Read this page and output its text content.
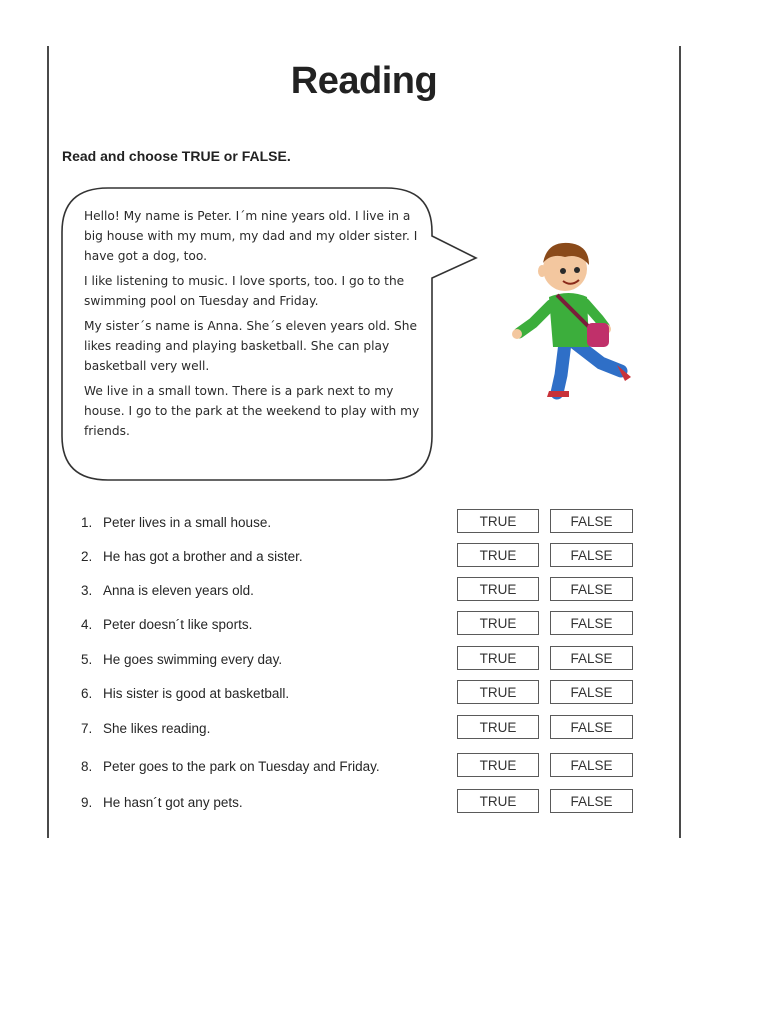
Reading
Read and choose TRUE or FALSE.

Hello! My name is Peter. I´m nine years old. I live in a big house with my mum, my dad and my older sister. I have got a dog, too.

I like listening to music. I love sports, too. I go to the swimming pool on Tuesday and Friday.

My sister´s name is Anna. She´s eleven years old. She likes reading and playing basketball. She can play basketball very well.

We live in a small town. There is a park next to my house. I go to the park at the weekend to play with my friends.

1. Peter lives in a small house.	TRUE	FALSE
2. He has got a brother and a sister.	TRUE	FALSE
3. Anna is eleven years old.	TRUE	FALSE
4. Peter doesn´t like sports.	TRUE	FALSE
5. He goes swimming every day.	TRUE	FALSE
6. His sister is good at basketball.	TRUE	FALSE
7. She likes reading.	TRUE	FALSE
8. Peter goes to the park on Tuesday and Friday.	TRUE	FALSE
9. He hasn´t got any pets.	TRUE	FALSE
